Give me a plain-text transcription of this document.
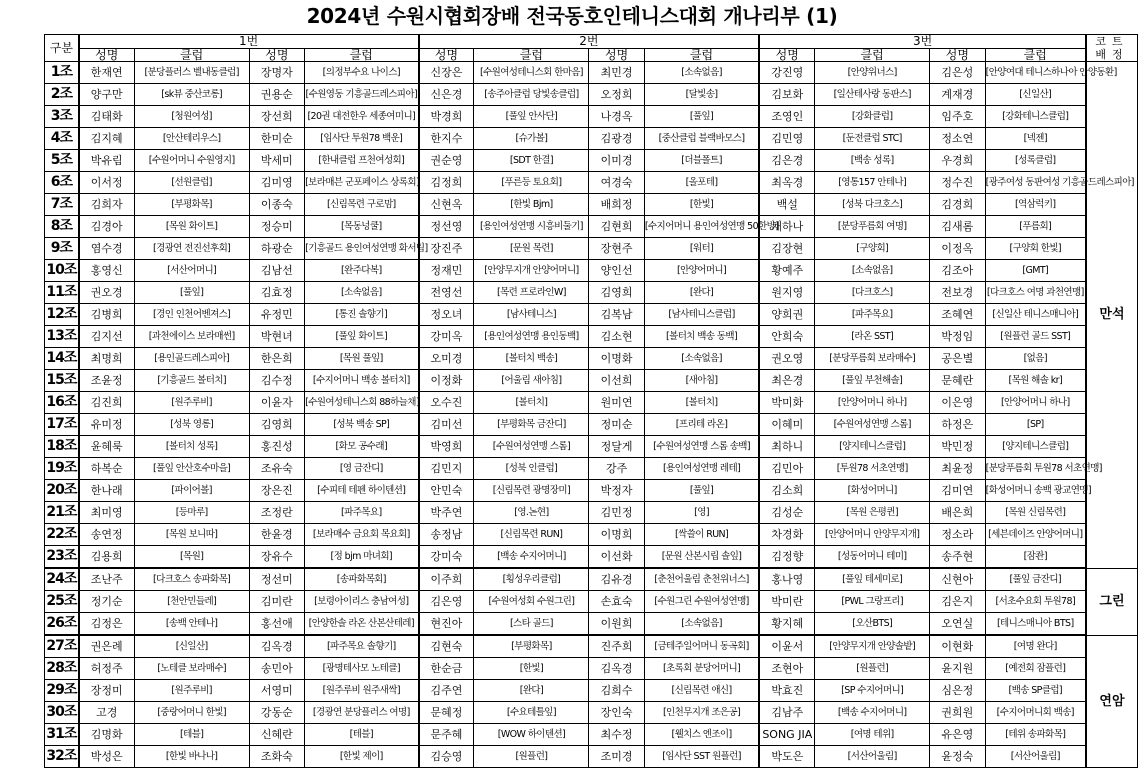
2024년 수원시협회장배 전국동호인테니스대회 개나리부 (1)
구분	1번				2번				3번				코트 배정
	성명	클럽	성명	클럽	성명	클럽	성명	클럽	성명	클럽	성명	클럽	
1조	한재연	[분당플러스 벨내동클럽]	장명자	[의정부수요 나이스]	신장은	[수원여성테니스회 한마음]	최민경	[소속없음]	강진영	[안양위너스]	김은성	[안양여대 테니스하나아 안양동환]	만석
2조	양구만	[sk뷰 중산코롱]	권용순	[수원영동 기흥골드레스피아]	신은경	[송주아클럽 당빛송클럽]	오정희	[달빛송]	김보화	[일산테사랑 동판스]	계재경	[신일산]	
3조	김태화	[청원여성]	장선희	[20권 대전한우 세종여미니]	박경희	[풀잎 안사단]	나경옥	[풀잎]	조영인	[강화클럽]	임주호	[강화테니스클럽]	
4조	김지혜	[안산테리우스]	한미순	[임사단 투원78 백운]	한지수	[슈가볼]	김광경	[중산클럽 블랙바모스]	김민영	[둔전클럽 STC]	정소연	[넥젠]	
5조	박유림	[수원어머니 수원영지]	박세미	[한내클럽 프천여성회]	권순영	[SDT 한결]	이미경	[더블폴트]	김은경	[백송 성록]	우경희	[성록클럽]	
6조	이서정	[선원클럽]	김미영	[보라매븐 군포페이스 상록회]	김정희	[푸른등 토요회]	여경숙	[올포테]	최옥경	[영통157 안테나]	정수진	[광주여성 동판여성 기흥골드레스피아]	
7조	김희자	[부평화목]	이종숙	[신림목련 구로맘]	신현옥	[한빛 Bjm]	배희정	[한빛]	백설	[성북 다크호스]	김경희	[역삼럭키]	
8조	김경아	[목원 화이트]	정승미	[목동넝쿨]	정선영	[용인여성연맹 시흥비둘기]	김현희	[수지어머니 용인여성연맹 50한방]	채하나	[분당푸름회 여명]	김새롬	[푸름회]	
9조	염수경	[경광연 전진선후회]	하광순	[기흥골드 용인여성연맹 화서팀]	장진주	[문원 목련]	장현주	[워터]	김장현	[구양회]	이정옥	[구양회 한빛]	
10조	홍영신	[서산어머니]	김남선	[완주다복]	정재민	[안양무지개 안양어머니]	양인선	[안양어머니]	황예주	[소속없음]	김조아	[GMT]	
11조	권오경	[풀잎]	김효정	[소속없음]	전영선	[목련 프로라인W]	김영희	[완다]	원지영	[다크호스]	전보경	[다크호스 여명 과천연맹]	
12조	김병희	[경인 인천어벤져스]	유정민	[통진 솔향기]	정오녀	[남사테니스]	김복남	[남사테니스클럽]	양희권	[파주목요]	조혜연	[신일산 테니스매니아]	
13조	김지선	[과천에이스 보라매썬]	박현녀	[풀잎 화이트]	강미옥	[용인여성연맹 용인동백]	김소현	[볼터치 백송 동백]	안희숙	[라온 SST]	박정임	[원플런 골드 SST]	
14조	최명희	[용인골드레스피아]	한은희	[목원 풀잎]	오미경	[볼터치 백송]	이명화	[소속없음]	권오영	[분당푸름회 보라매수]	공은별	[없음]	
15조	조윤정	[기흥골드 볼터치]	김수정	[수지어머니 백송 볼터치]	이정화	[어울림 새아침]	이선희	[새아침]	최은경	[풀잎 부천해솔]	문혜란	[목원 해솔 kr]	
16조	김진희	[원주루비]	이윤자	[수원여성테니스회 88하늘채]	오수진	[볼터치]	원미연	[볼터치]	박미화	[안양어머니 하나]	이은영	[안양어머니 하나]	
17조	유미정	[성북 영롱]	김영희	[성북 백송 SP]	김미선	[부평화목 금잔디]	정미순	[프리테 라온]	이혜미	[수원여성연맹 스롬]	하정은	[SP]	
18조	윤혜룩	[볼터치 성록]	홍진성	[화모 공수래]	박영희	[수원여성연맹 스롬]	정달게	[수원여성연맹 스롬 송백]	최하니	[양지테니스클럽]	박민정	[양지테니스클럽]	
19조	하복순	[풀잎 안산호수마을]	조유숙	[영 금잔디]	김민지	[성북 인클럽]	강주	[용인여성연맹 레테]	김민아	[투원78 서초연맹]	최윤정	[분당푸름회 투원78 서초연맹]	
20조	한나래	[파이어볼]	장은진	[수피테 테펜 하이텐션]	안민숙	[신림목련 광명장미]	박정자	[풀잎]	김소희	[화성어머니]	김미연	[화성어머니 송백 광교연맹]	
21조	최미영	[등마루]	조정란	[파주목요]	박주연	[영.논현]	김민정	[영]	김성순	[목원 은평퀸]	배은희	[목원 신림목련]	
22조	송연정	[목원 보니따]	한윤경	[보라매수 금요회 목요회]	송정남	[신림목련 RUN]	이명희	[싹쓸이 RUN]	차경화	[안양어머니 안양무지개]	정소라	[세븐데이즈 안양어머니]	
23조	김용희	[목원]	장유수	[정 bjm 마녀회]	강미숙	[백송 수지어머니]	이선화	[문원 산본시립 솔잎]	김정향	[성동어머니 테미]	송주현	[잠좐]	
24조	조난주	[다크호스 송파화목]	정선미	[송파화목회]	이주희	[횡성우리클럽]	김유경	[춘천어울림 춘천위너스]	홍나영	[풀잎 테세미로]	신현아	[풀잎 금잔디]	그린
25조	정기순	[천안민들레]	김미란	[보령아이리스 충남여성]	김은영	[수원여성회 수원그린]	손효숙	[수원그린 수원여성연맹]	박미란	[PWL 그랑프리]	김은지	[서초수요회 투원78]	
26조	김정은	[송백 안테나]	홍선애	[안양한솔 라온 산본산테레]	현진아	[스타 골드]	이원희	[소속없음]	황지혜	[오산BTS]	오연실	[테니스매니아 BTS]	
27조	권은례	[신일산]	김옥경	[파주목요 솔향기]	김현숙	[부평화목]	진주희	[금테주일어머니 동곡회]	이윤서	[안양무지개 안양솔밭]	이현화	[여명 완다]	연암
28조	허정주	[노테클 보라매수]	송민아	[광명테사모 노테클]	한순금	[한빛]	김옥경	[초록회 분당어머니]	조현아	[원플런]	윤지원	[예전회 잠플런]	
29조	장정미	[원주루비]	서영미	[원주루비 원주새싹]	김주연	[완다]	김희수	[신림목련 애신]	박효진	[SP 수지어머니]	심은정	[백송 SP클럽]	
30조	고경	[중랑어머니 한빛]	강동순	[경광연 분당플러스 여명]	문혜정	[수요테틀잎]	장인숙	[인천무지개 조은공]	김남주	[백송 수지어머니]	권희원	[수지어머니회 백송]	
31조	김명화	[테블]	신혜란	[테블]	문주혜	[WOW 하이텐션]	최수정	[웰치스 엔조이]	SONG JIA	[여명 테위]	유은영	[테위 송파화목]	
32조	박성은	[한빛 바나나]	조화숙	[한빛 제이]	김승영	[원플런]	조미경	[임사단 SST 원플런]	박도은	[서산어울림]	윤정숙	[서산어울림]	
